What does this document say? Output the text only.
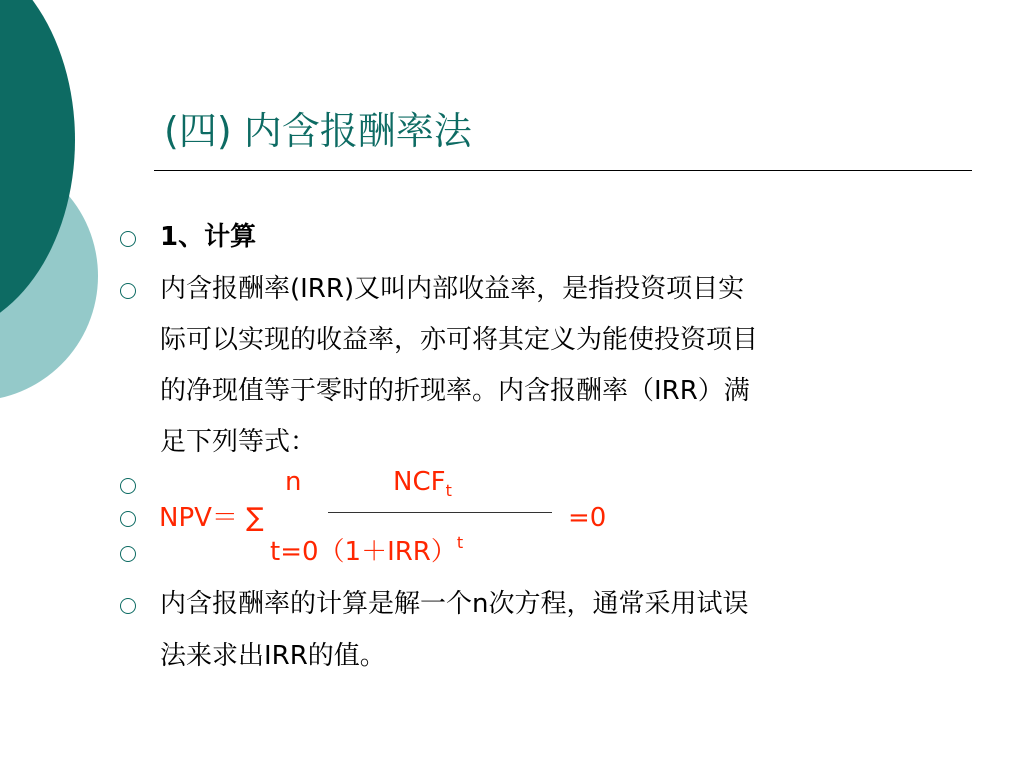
(四) 内含报酬率法
1、计算
内含报酬率(IRR)又叫内部收益率，是指投资项目实
际可以实现的收益率，亦可将其定义为能使投资项目
的净现值等于零时的折现率。内含报酬率（IRR）满
足下列等式：
n	$NCF_t$
NPV＝ ∑	=0
$t=0(1+IRR)^t$
内含报酬率的计算是解一个n次方程，通常采用试误
法来求出IRR的值。
